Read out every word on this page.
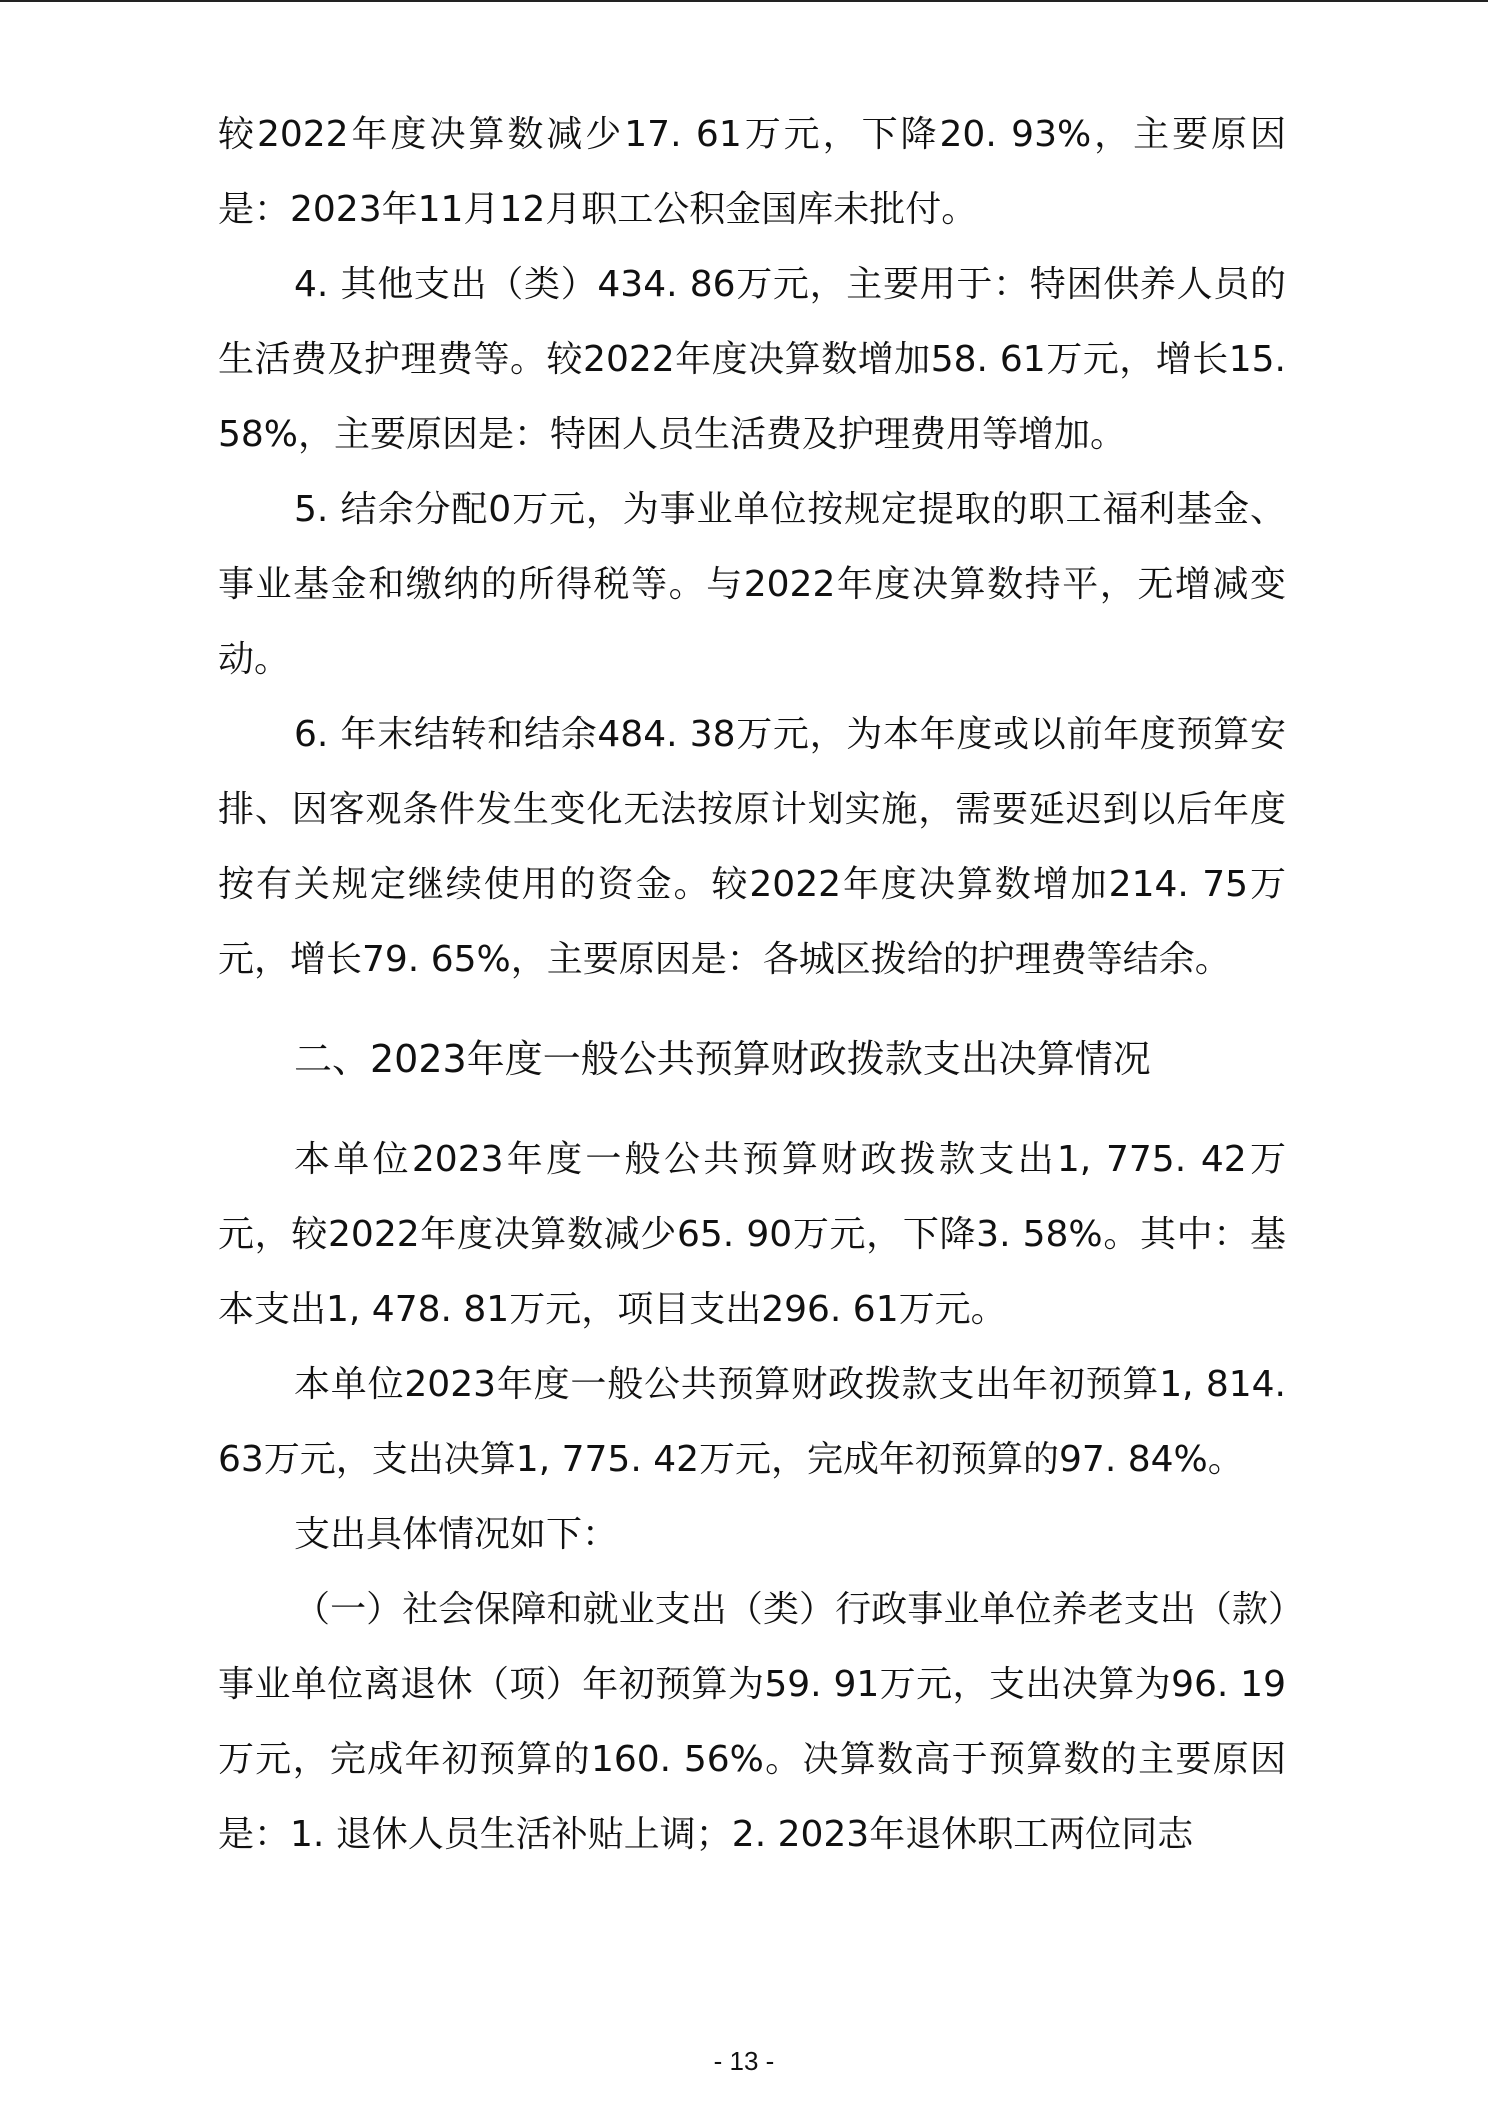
较2022年度决算数减少17. 61万元，下降20. 93%，主要原因是：2023年11月12月职工公积金国库未批付。

4. 其他支出（类）434. 86万元，主要用于：特困供养人员的生活费及护理费等。较2022年度决算数增加58. 61万元，增长15. 58%，主要原因是：特困人员生活费及护理费用等增加。

5. 结余分配0万元，为事业单位按规定提取的职工福利基金、事业基金和缴纳的所得税等。与2022年度决算数持平，无增减变动。

6. 年末结转和结余484. 38万元，为本年度或以前年度预算安排、因客观条件发生变化无法按原计划实施，需要延迟到以后年度按有关规定继续使用的资金。较2022年度决算数增加214. 75万元，增长79. 65%，主要原因是：各城区拨给的护理费等结余。

二、2023年度一般公共预算财政拨款支出决算情况

本单位2023年度一般公共预算财政拨款支出1, 775. 42万元，较2022年度决算数减少65. 90万元，下降3. 58%。其中：基本支出1, 478. 81万元，项目支出296. 61万元。

本单位2023年度一般公共预算财政拨款支出年初预算1, 814. 63万元，支出决算1, 775. 42万元，完成年初预算的97. 84%。

支出具体情况如下：

（一）社会保障和就业支出（类）行政事业单位养老支出（款）事业单位离退休（项）年初预算为59. 91万元，支出决算为96. 19万元，完成年初预算的160. 56%。决算数高于预算数的主要原因是：1. 退休人员生活补贴上调；2. 2023年退休职工两位同志

- 13 -
